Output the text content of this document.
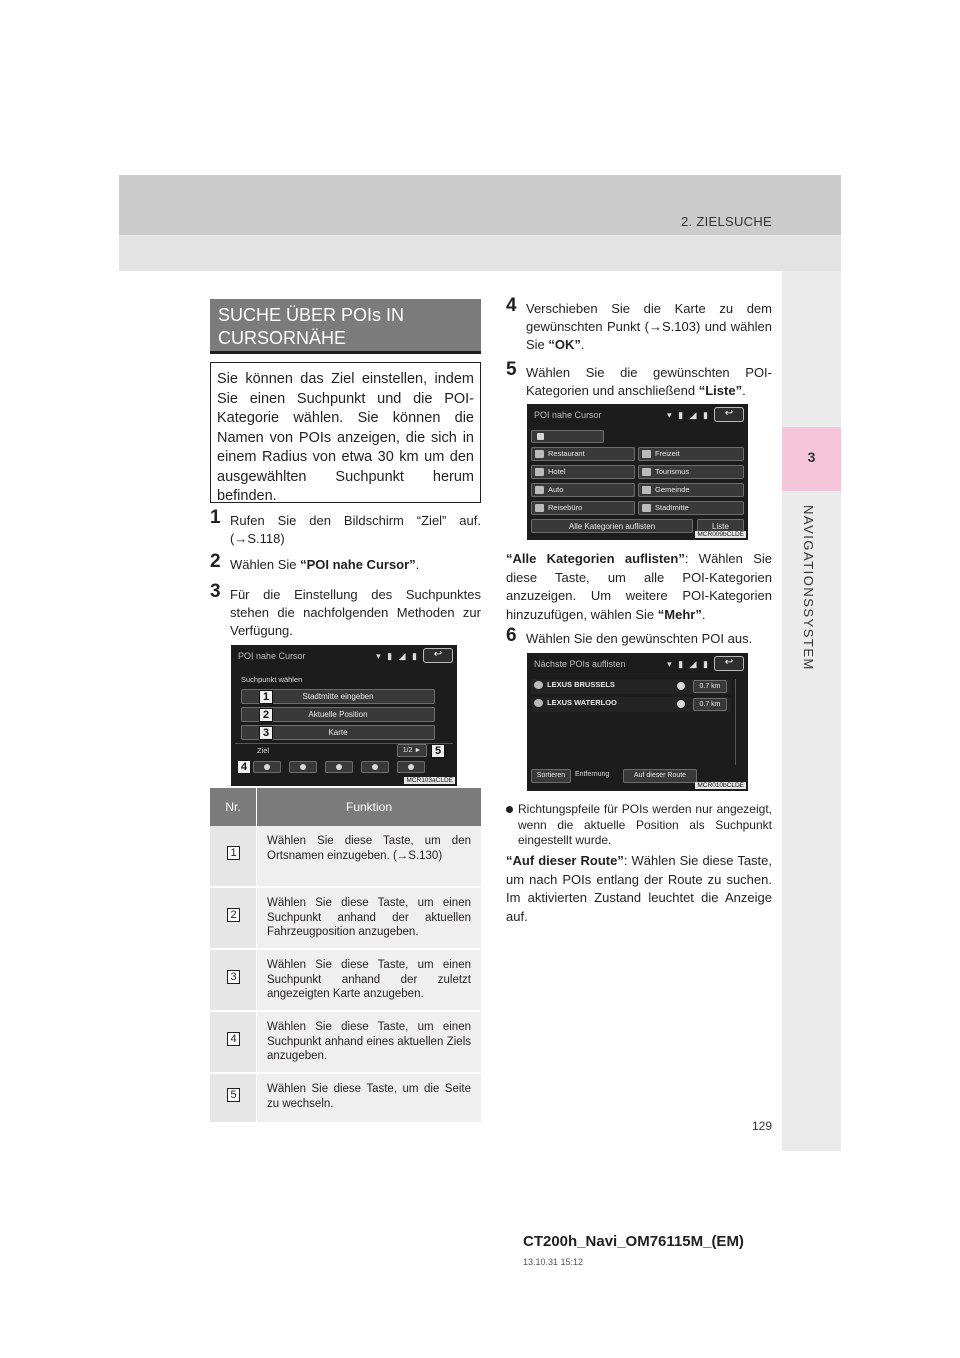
2. ZIELSUCHE
3
NAVIGATIONSSYSTEM
SUCHE ÜBER POIs IN CURSORNÄHE
Sie können das Ziel einstellen, indem Sie einen Suchpunkt und die POI-Kategorie wählen. Sie können die Namen von POIs anzeigen, die sich in einem Radius von etwa 30 km um den ausgewählten Suchpunkt herum befinden.
1 Rufen Sie den Bildschirm “Ziel” auf. (→S.118)
2 Wählen Sie “POI nahe Cursor”.
3 Für die Einstellung des Suchpunktes stehen die nachfolgenden Methoden zur Verfügung.
POI nahe Cursor	▾ ▮ ◢ ▮	↩
Suchpunkt wählen
Stadtmitte eingeben
Aktuelle Position
Karte
Ziel	1/2 ►
1
2
3
4
5
MCR103aCLDE
Nr.	Funktion
1
Wählen Sie diese Taste, um den Ortsnamen einzugeben. (→S.130)
2
Wählen Sie diese Taste, um einen Suchpunkt anhand der aktuellen Fahrzeugposition anzugeben.
3
Wählen Sie diese Taste, um einen Suchpunkt anhand der zuletzt angezeigten Karte anzugeben.
4
Wählen Sie diese Taste, um einen Suchpunkt anhand eines aktuellen Ziels anzugeben.
5	Wählen Sie diese Taste, um die Seite zu wechseln.
4 Verschieben Sie die Karte zu dem gewünschten Punkt (→S.103) und wählen Sie “OK”.
5 Wählen Sie die gewünschten POI-Kategorien und anschließend “Liste”.
POI nahe Cursor	▾ ▮ ◢ ▮	↩
Restaurant	Freizeit
Hotel	Tourismus
Auto	Gemeinde
Reisebüro	Stadtmitte
Alle Kategorien auflisten	Liste
MCR009bCLDE
“Alle Kategorien auflisten”: Wählen Sie diese Taste, um alle POI-Kategorien anzuzeigen. Um weitere POI-Kategorien hinzuzufügen, wählen Sie “Mehr”.
6 Wählen Sie den gewünschten POI aus.
Nächste POIs auflisten	▾ ▮ ◢ ▮	↩
LEXUS BRUSSELS	0.7 km
LEXUS WATERLOO	0.7 km
Sortieren	Entfernung	Auf dieser Route
MCR010bCLDE
Richtungspfeile für POIs werden nur angezeigt, wenn die aktuelle Position als Suchpunkt eingestellt wurde.
“Auf dieser Route”: Wählen Sie diese Taste, um nach POIs entlang der Route zu suchen. Im aktivierten Zustand leuchtet die Anzeige auf.
129
CT200h_Navi_OM76115M_(EM)
13.10.31 15:12
